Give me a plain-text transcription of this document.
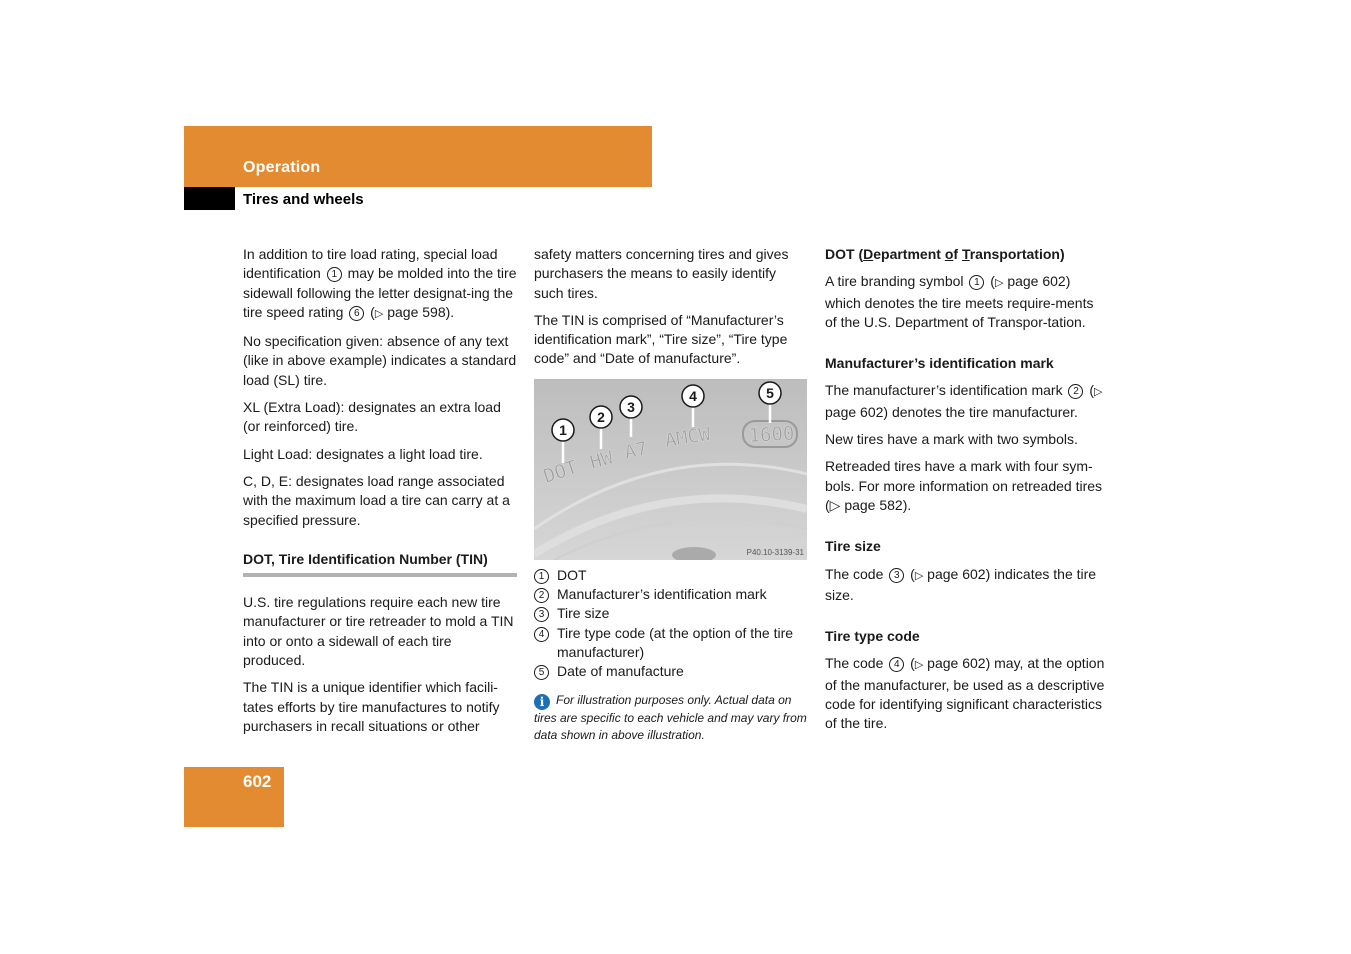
Operation
Tires and wheels

In addition to tire load rating, special load identification 1 may be molded into the tire sidewall following the letter designat-ing the tire speed rating 6 (▷ page 598).

No specification given: absence of any text (like in above example) indicates a standard load (SL) tire.

XL (Extra Load): designates an extra load (or reinforced) tire.

Light Load: designates a light load tire.

C, D, E: designates load range associated with the maximum load a tire can carry at a specified pressure.

DOT, Tire Identification Number (TIN)

U.S. tire regulations require each new tire manufacturer or tire retreader to mold a TIN into or onto a sidewall of each tire produced.

The TIN is a unique identifier which facili-tates efforts by tire manufactures to notify purchasers in recall situations or other

safety matters concerning tires and gives purchasers the means to easily identify such tires.

The TIN is comprised of “Manufacturer’s identification mark”, “Tire size”, “Tire type code” and “Date of manufacture”.

DOT HW A7 AMCW 1600
1
2
3
4	5
P40.10-3139-31
1 DOT
2 Manufacturer’s identification mark
3 Tire size
4 Tire type code (at the option of the tire manufacturer)
5 Date of manufacture
i For illustration purposes only. Actual data on tires are specific to each vehicle and may vary from data shown in above illustration.
DOT (Department of Transportation)

A tire branding symbol 1 (▷ page 602) which denotes the tire meets require-ments of the U.S. Department of Transpor-tation.

Manufacturer’s identification mark

The manufacturer’s identification mark 2 (▷ page 602) denotes the tire manufacturer.

New tires have a mark with two symbols.

Retreaded tires have a mark with four sym-bols. For more information on retreaded tires (▷ page 582).

Tire size

The code 3 (▷ page 602) indicates the tire size.

Tire type code

The code 4 (▷ page 602) may, at the option of the manufacturer, be used as a descriptive code for identifying significant characteristics of the tire.

602
